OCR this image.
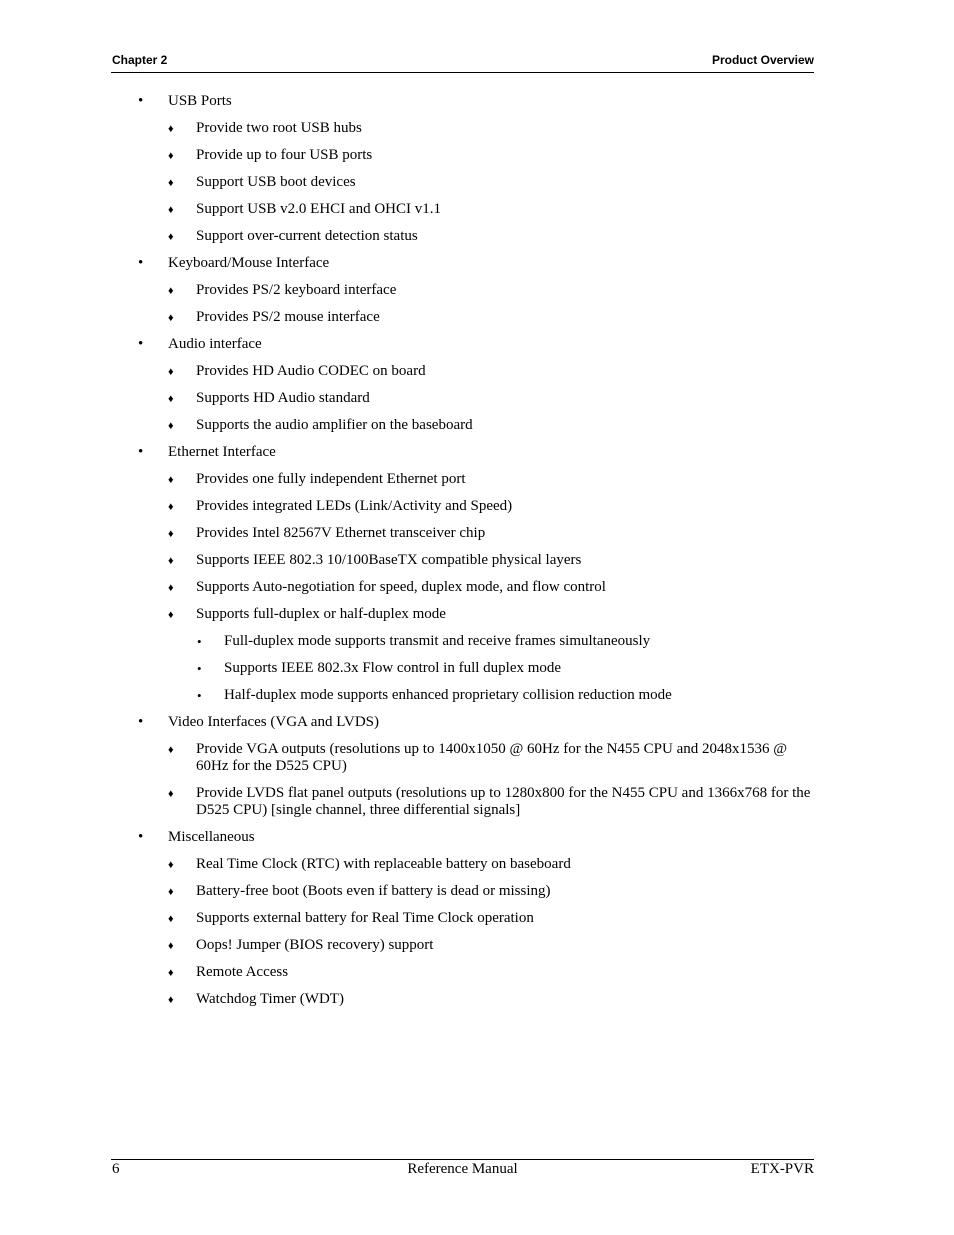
Chapter 2	Product Overview
• USB Ports
♦ Provide two root USB hubs
♦ Provide up to four USB ports
♦ Support USB boot devices
♦ Support USB v2.0 EHCI and OHCI v1.1
♦ Support over-current detection status
• Keyboard/Mouse Interface
♦ Provides PS/2 keyboard interface
♦ Provides PS/2 mouse interface
• Audio interface
♦ Provides HD Audio CODEC on board
♦ Supports HD Audio standard
♦ Supports the audio amplifier on the baseboard
• Ethernet Interface
♦ Provides one fully independent Ethernet port
♦ Provides integrated LEDs (Link/Activity and Speed)
♦ Provides Intel 82567V Ethernet transceiver chip
♦ Supports IEEE 802.3 10/100BaseTX compatible physical layers
♦ Supports Auto-negotiation for speed, duplex mode, and flow control
♦ Supports full-duplex or half-duplex mode
• Full-duplex mode supports transmit and receive frames simultaneously
• Supports IEEE 802.3x Flow control in full duplex mode
• Half-duplex mode supports enhanced proprietary collision reduction mode
• Video Interfaces (VGA and LVDS)
♦ Provide VGA outputs (resolutions up to 1400x1050 @ 60Hz for the N455 CPU and 2048x1536 @ 60Hz for the D525 CPU)
♦ Provide LVDS flat panel outputs (resolutions up to 1280x800 for the N455 CPU and 1366x768 for the D525 CPU) [single channel, three differential signals]
• Miscellaneous
♦ Real Time Clock (RTC) with replaceable battery on baseboard
♦ Battery-free boot (Boots even if battery is dead or missing)
♦ Supports external battery for Real Time Clock operation
♦ Oops! Jumper (BIOS recovery) support
♦ Remote Access
♦ Watchdog Timer (WDT)
6	Reference Manual	ETX-PVR
